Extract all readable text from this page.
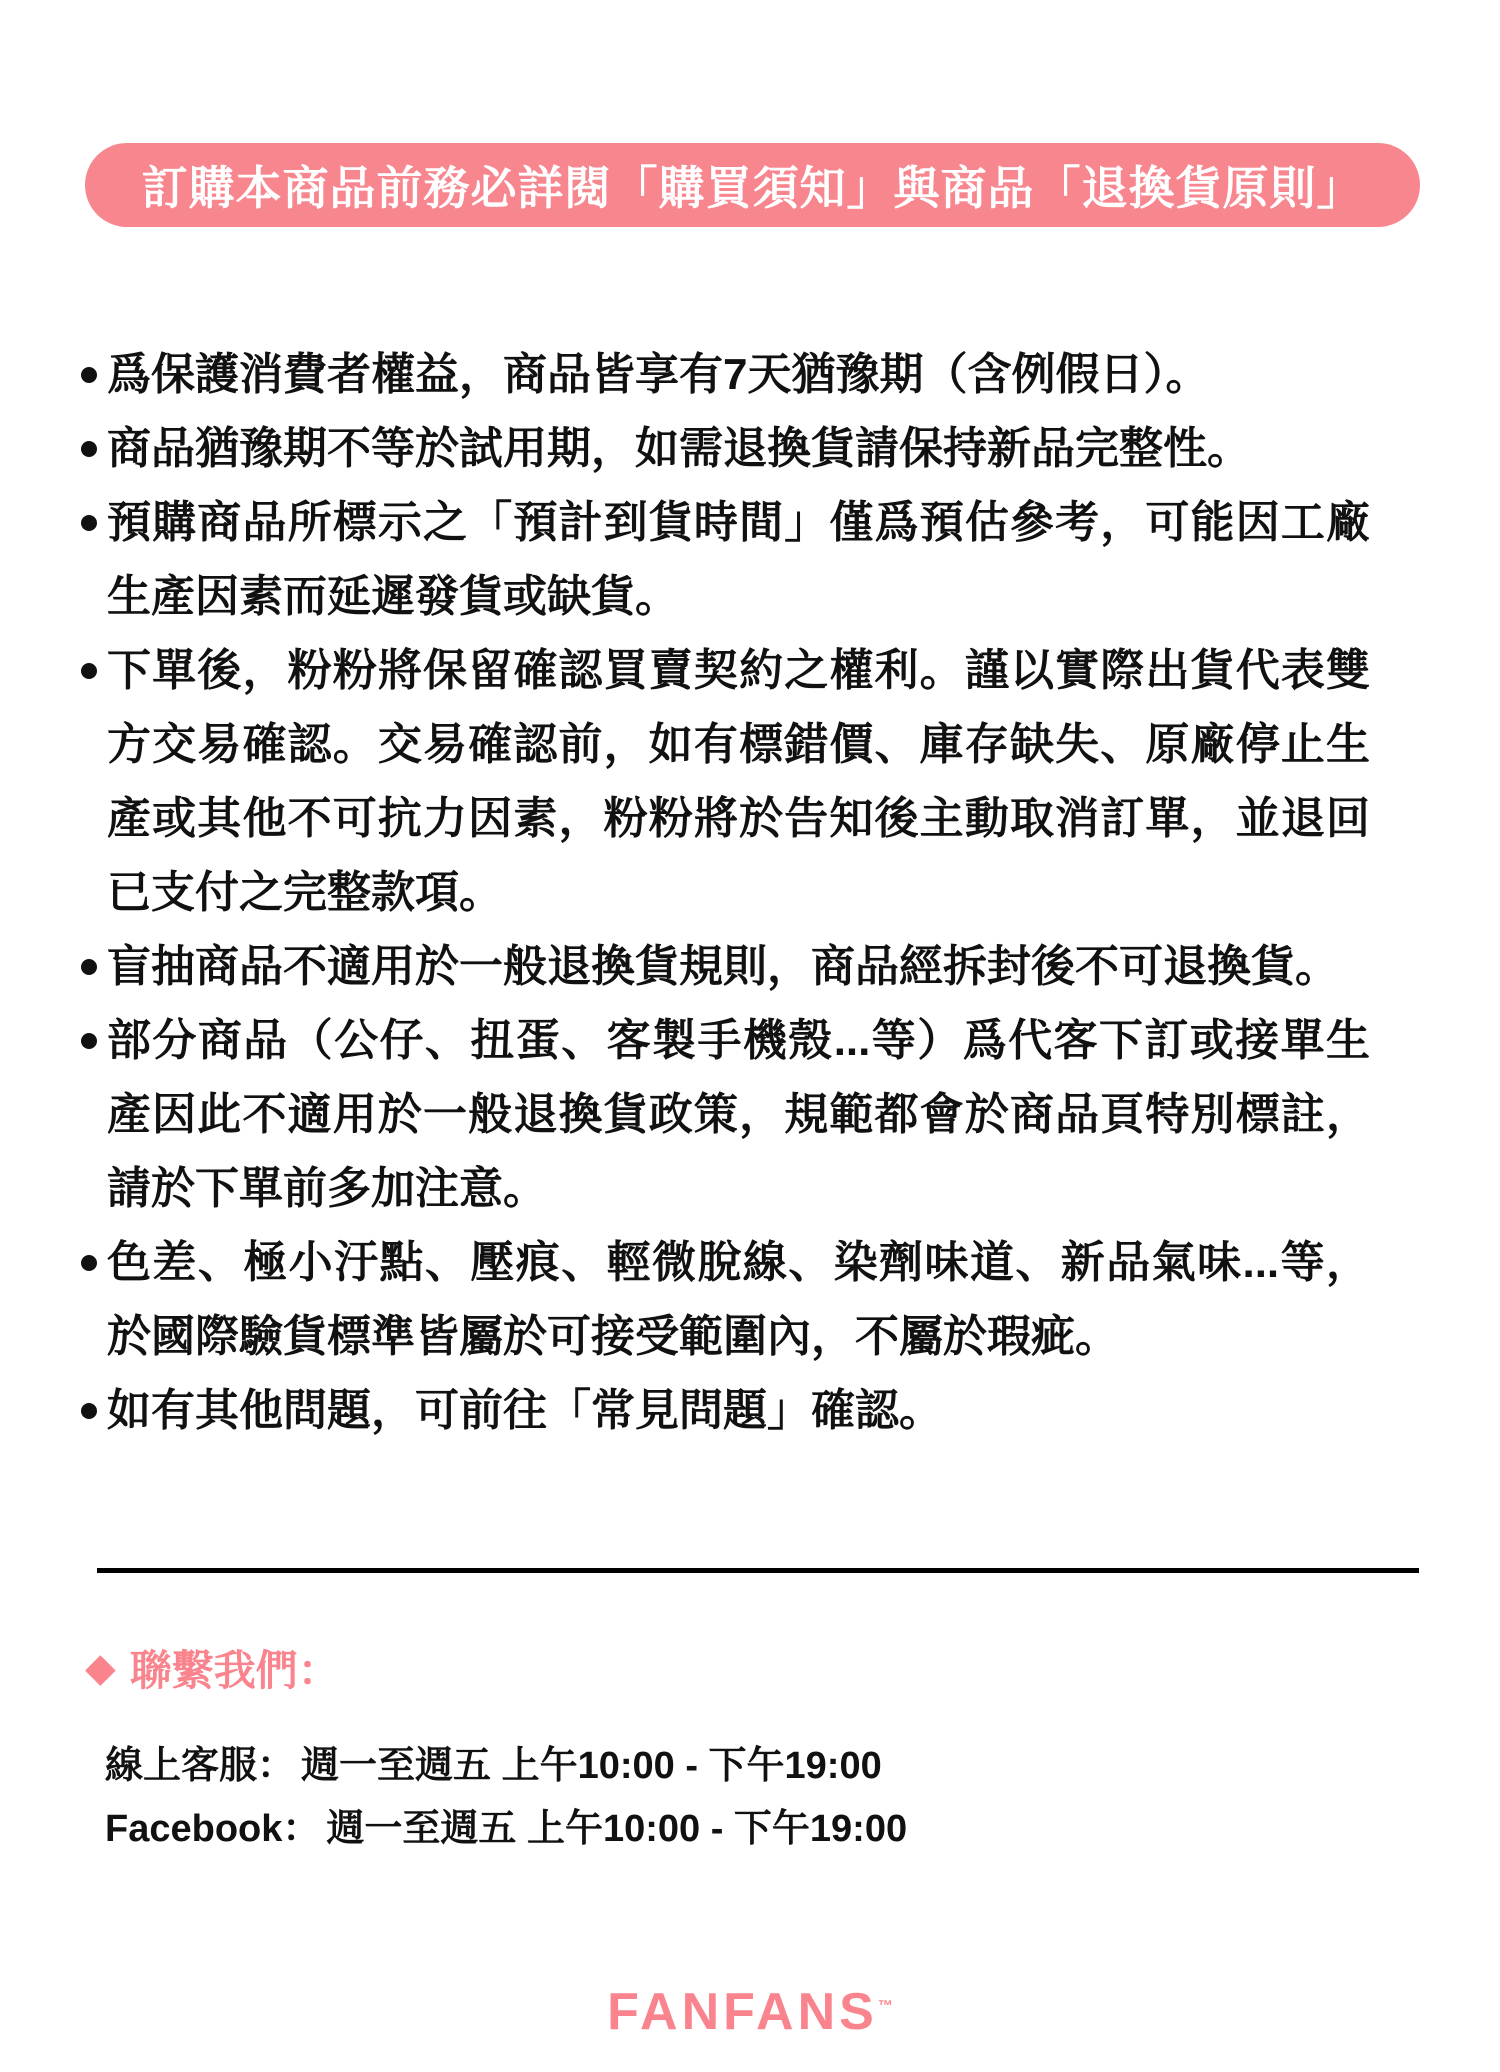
訂購本商品前務必詳閱「購買須知」與商品「退換貨原則」
爲保護消費者權益，商品皆享有7天猶豫期（含例假日）。
商品猶豫期不等於試用期，如需退換貨請保持新品完整性。
預購商品所標示之「預計到貨時間」僅爲預估參考，可能因工廠生產因素而延遲發貨或缺貨。
下單後，粉粉將保留確認買賣契約之權利。謹以實際出貨代表雙方交易確認。交易確認前，如有標錯價、庫存缺失、原廠停止生產或其他不可抗力因素，粉粉將於告知後主動取消訂單，並退回已支付之完整款項。
盲抽商品不適用於一般退換貨規則，商品經拆封後不可退換貨。
部分商品（公仔、扭蛋、客製手機殼...等）爲代客下訂或接單生產因此不適用於一般退換貨政策，規範都會於商品頁特別標註，請於下單前多加注意。
色差、極小汙點、壓痕、輕微脫線、染劑味道、新品氣味...等，於國際驗貨標準皆屬於可接受範圍內，不屬於瑕疵。
如有其他問題，可前往「常見問題」確認。
◆ 聯繫我們：
線上客服： 週一至週五 上午10:00 - 下午19:00
Facebook： 週一至週五 上午10:00 - 下午19:00
FANFANS™
